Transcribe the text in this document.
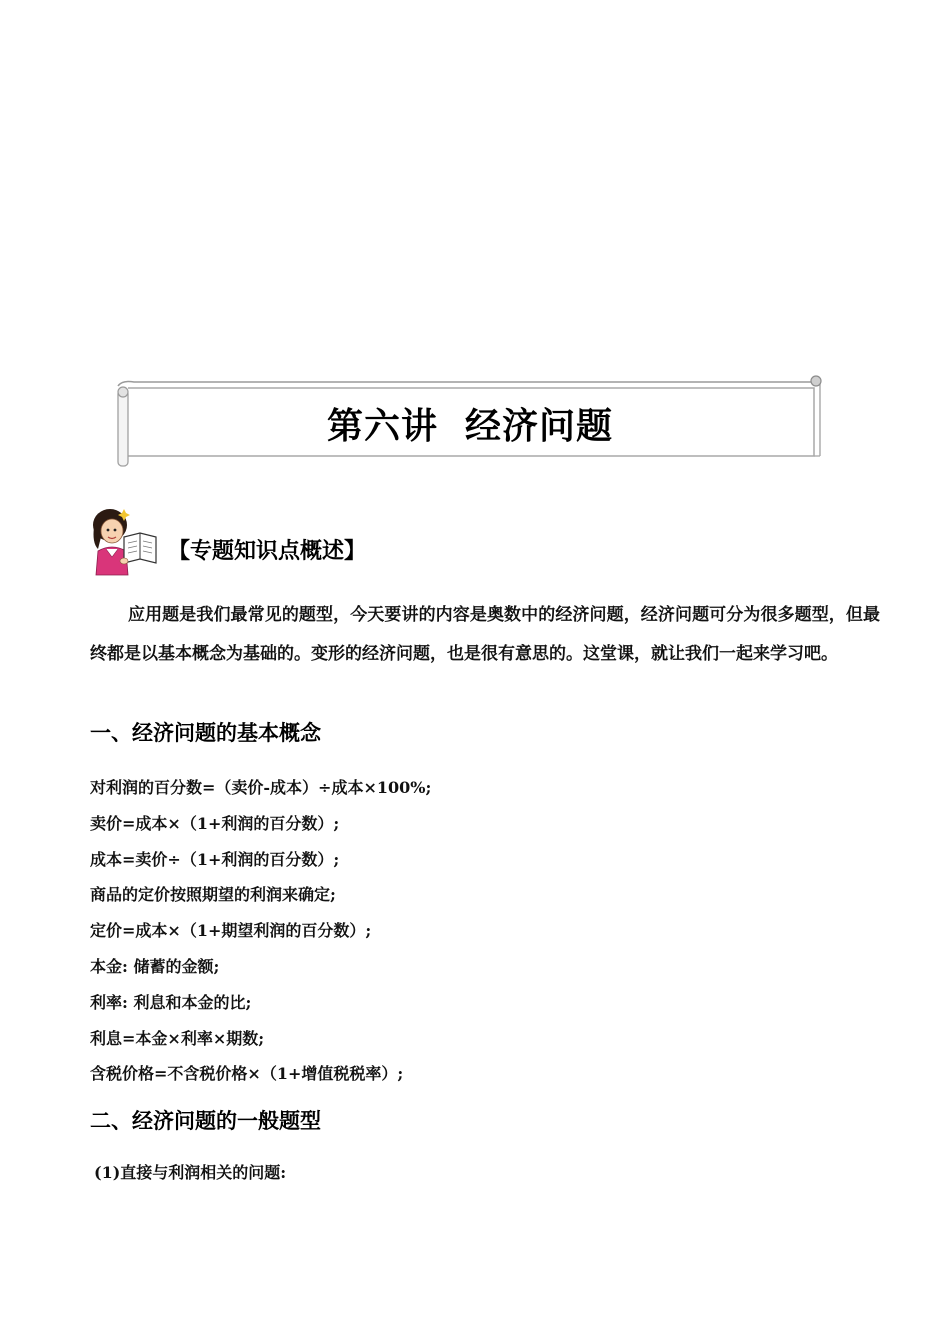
第六讲  经济问题
【专题知识点概述】

应用题是我们最常见的题型，今天要讲的内容是奥数中的经济问题，经济问题可分为很多题型，但最终都是以基本概念为基础的。变形的经济问题，也是很有意思的。这堂课，就让我们一起来学习吧。

一、经济问题的基本概念
对利润的百分数=（卖价-成本）÷成本×100%;
卖价=成本×（1+利润的百分数）;
成本=卖价÷（1+利润的百分数）;
商品的定价按照期望的利润来确定;
定价=成本×（1+期望利润的百分数）;
本金: 储蓄的金额;
利率: 利息和本金的比;
利息=本金×利率×期数;
含税价格=不含税价格×（1+增值税税率）;
二、经济问题的一般题型
(1)直接与利润相关的问题:
